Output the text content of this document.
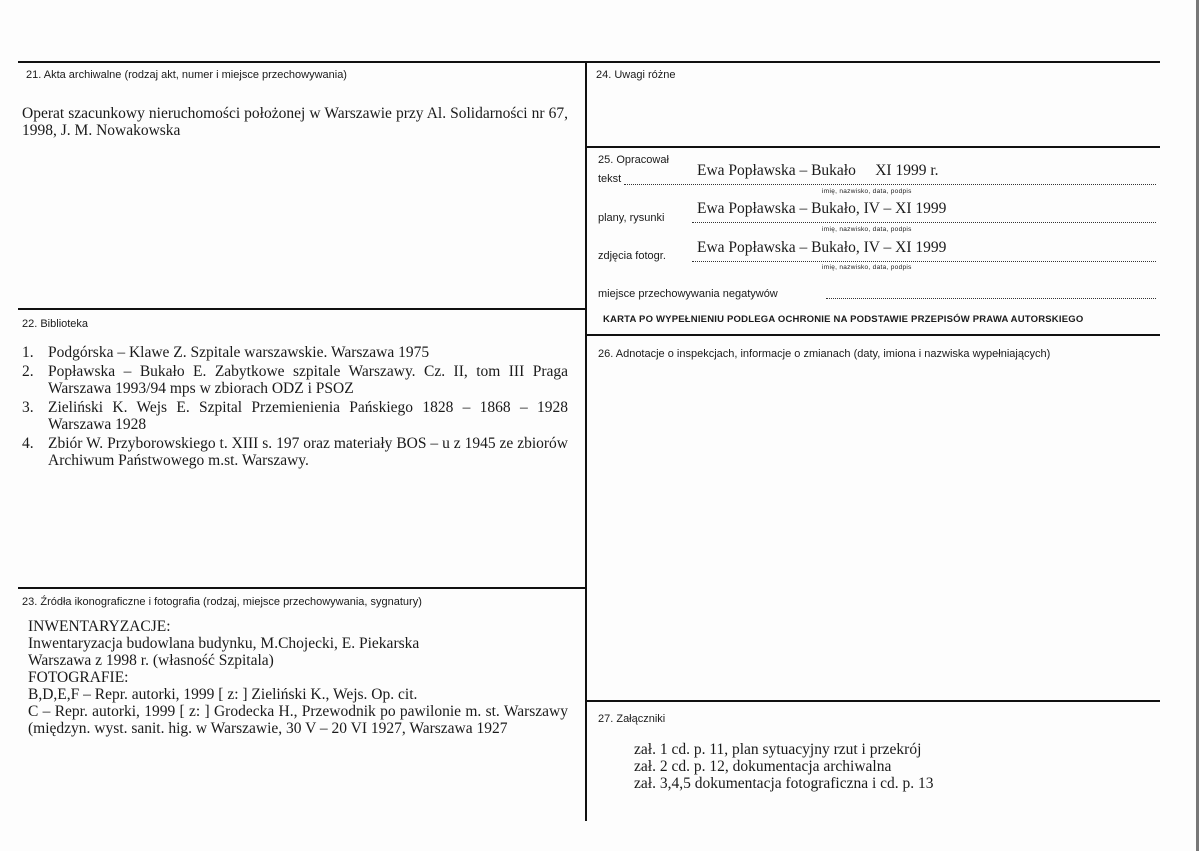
21. Akta archiwalne (rodzaj akt, numer i miejsce przechowywania)
Operat szacunkowy nieruchomości położonej w Warszawie przy Al. Solidarności nr 67, 1998, J. M. Nowakowska
22. Biblioteka
1. Podgórska – Klawe Z. Szpitale warszawskie. Warszawa 1975
2. Popławska – Bukało E. Zabytkowe szpitale Warszawy. Cz. II, tom III Praga Warszawa 1993/94 mps w zbiorach ODZ i PSOZ
3. Zieliński K. Wejs E. Szpital Przemienienia Pańskiego 1828 – 1868 – 1928 Warszawa 1928
4. Zbiór W. Przyborowskiego t. XIII s. 197 oraz materiały BOS – u z 1945 ze zbiorów Archiwum Państwowego m.st. Warszawy.
23. Źródła ikonograficzne i fotografia (rodzaj, miejsce przechowywania, sygnatury)
INWENTARYZACJE:
Inwentaryzacja budowlana budynku, M.Chojecki, E. Piekarska
Warszawa z 1998 r. (własność Szpitala)
FOTOGRAFIE:
B,D,E,F – Repr. autorki, 1999 [ z: ] Zieliński K., Wejs. Op. cit.
C – Repr. autorki, 1999 [ z: ] Grodecka H., Przewodnik po pawilonie m. st. Warszawy (międzyn. wyst. sanit. hig. w Warszawie, 30 V – 20 VI 1927, Warszawa 1927
24. Uwagi różne
25. Opracował
tekst	Ewa Popławska – Bukało     XI 1999 r.
imię, nazwisko, data, podpis
plany, rysunki
Ewa Popławska – Bukało, IV – XI 1999
imię, nazwisko, data, podpis
zdjęcia fotogr. Ewa Popławska – Bukało, IV – XI 1999
imię, nazwisko, data, podpis
miejsce przechowywania negatywów
KARTA PO WYPEŁNIENIU PODLEGA OCHRONIE NA PODSTAWIE PRZEPISÓW PRAWA AUTORSKIEGO
26. Adnotacje o inspekcjach, informacje o zmianach (daty, imiona i nazwiska wypełniających)
27. Załączniki
zał. 1 cd. p. 11, plan sytuacyjny rzut i przekrój
zał. 2 cd. p. 12, dokumentacja archiwalna
zał. 3,4,5 dokumentacja fotograficzna i cd. p. 13
